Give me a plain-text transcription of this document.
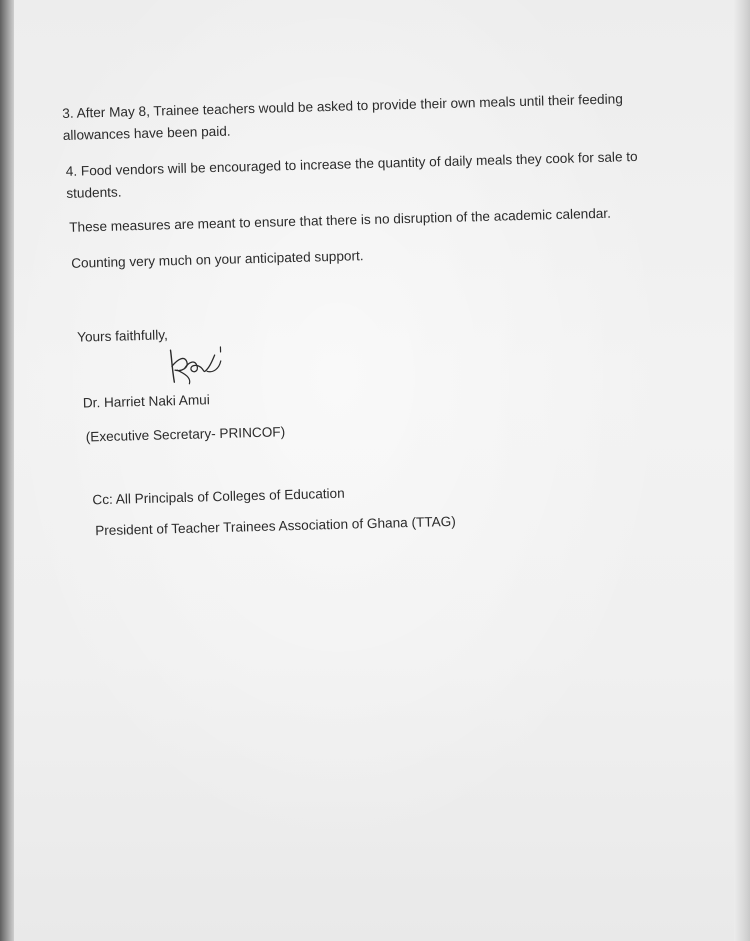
3. After May 8, Trainee teachers would be asked to provide their own meals until their feeding allowances have been paid.

4. Food vendors will be encouraged to increase the quantity of daily meals they cook for sale to students.

These measures are meant to ensure that there is no disruption of the academic calendar.

Counting very much on your anticipated support.

Yours faithfully,
Dr. Harriet Naki Amui
(Executive Secretary- PRINCOF)
Cc: All Principals of Colleges of Education
President of Teacher Trainees Association of Ghana (TTAG)
